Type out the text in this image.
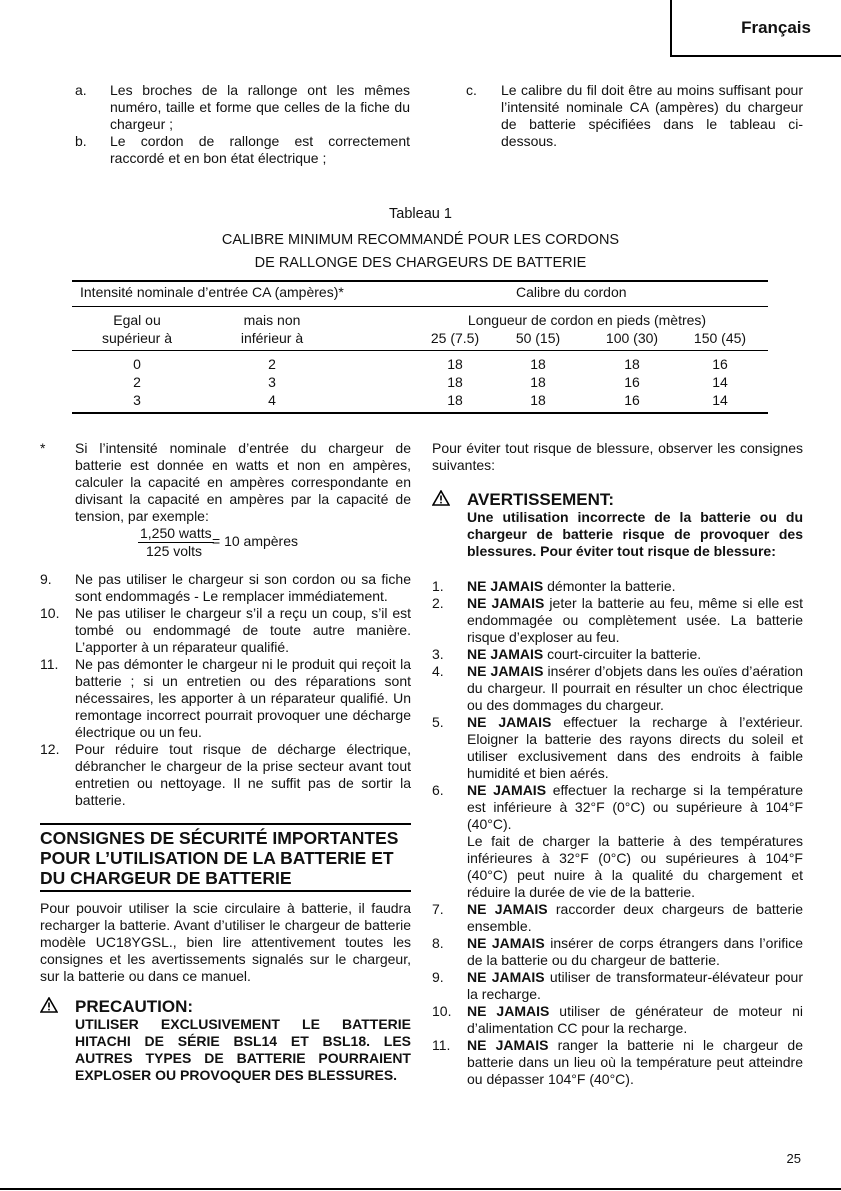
Français
a.	Les broches de la rallonge ont les mêmes numéro, taille et forme que celles de la fiche du chargeur ;
b.	Le cordon de rallonge est correctement raccordé et en bon état électrique ;
c.	Le calibre du fil doit être au moins suffisant pour l’intensité nominale CA (ampères) du chargeur de batterie spécifiées dans le tableau ci-dessous.
Tableau 1
CALIBRE MINIMUM RECOMMANDÉ POUR LES CORDONS
DE RALLONGE DES CHARGEURS DE BATTERIE
Intensité nominale d’entrée CA (ampères)*	Calibre du cordon
Egal ou
supérieur à
mais non
inférieur à
Longueur de cordon en pieds (mètres)
25 (7.5)	50 (15)	100 (30)	150 (45)
0	2	18	18	18	16
2	3	18	18	16	14
3	4	18	18	16	14
*	Si l’intensité nominale d’entrée du chargeur de batterie est donnée en watts et non en ampères, calculer la capacité en ampères correspondante en divisant la capacité en ampères par la capacité de tension, par exemple:
1,250 watts
125 volts
= 10 ampères
9.	Ne pas utiliser le chargeur si son cordon ou sa fiche sont endommagés - Le remplacer immédiatement.
10.	Ne pas utiliser le chargeur s’il a reçu un coup, s’il est tombé ou endommagé de toute autre manière. L’apporter à un réparateur qualifié.
11.	Ne pas démonter le chargeur ni le produit qui reçoit la batterie ; si un entretien ou des réparations sont nécessaires, les apporter à un réparateur qualifié. Un remontage incorrect pourrait provoquer une décharge électrique ou un feu.
12.	Pour réduire tout risque de décharge électrique, débrancher le chargeur de la prise secteur avant tout entretien ou nettoyage. Il ne suffit pas de sortir la batterie.
CONSIGNES DE SÉCURITÉ IMPORTANTES POUR L’UTILISATION DE LA BATTERIE ET DU CHARGEUR DE BATTERIE

Pour pouvoir utiliser la scie circulaire à batterie, il faudra recharger la batterie. Avant d’utiliser le chargeur de batterie modèle UC18YGSL., bien lire attentivement toutes les consignes et les avertissements signalés sur le chargeur, sur la batterie ou dans ce manuel.

PRECAUTION:
UTILISER EXCLUSIVEMENT LE BATTERIE HITACHI DE SÉRIE BSL14 ET BSL18. LES AUTRES TYPES DE BATTERIE POURRAIENT EXPLOSER OU PROVOQUER DES BLESSURES.

Pour éviter tout risque de blessure, observer les consignes suivantes:

AVERTISSEMENT:
Une utilisation incorrecte de la batterie ou du chargeur de batterie risque de provoquer des blessures. Pour éviter tout risque de blessure:
1.	NE JAMAIS démonter la batterie.
2.	NE JAMAIS jeter la batterie au feu, même si elle est endommagée ou complètement usée. La batterie risque d’exploser au feu.
3.	NE JAMAIS court-circuiter la batterie.
4.	NE JAMAIS insérer d’objets dans les ouïes d’aération du chargeur. Il pourrait en résulter un choc électrique ou des dommages du chargeur.
5.	NE JAMAIS effectuer la recharge à l’extérieur. Eloigner la batterie des rayons directs du soleil et utiliser exclusivement dans des endroits à faible humidité et bien aérés.
6.	NE JAMAIS effectuer la recharge si la température est inférieure à 32°F (0°C) ou supérieure à 104°F (40°C).
Le fait de charger la batterie à des températures inférieures à 32°F (0°C) ou supérieures à 104°F (40°C) peut nuire à la qualité du chargement et réduire la durée de vie de la batterie.
7.	NE JAMAIS raccorder deux chargeurs de batterie ensemble.
8.	NE JAMAIS insérer de corps étrangers dans l’orifice de la batterie ou du chargeur de batterie.
9.	NE JAMAIS utiliser de transformateur-élévateur pour la recharge.
10.	NE JAMAIS utiliser de générateur de moteur ni d’alimentation CC pour la recharge.
11.	NE JAMAIS ranger la batterie ni le chargeur de batterie dans un lieu où la température peut atteindre ou dépasser 104°F (40°C).
25
